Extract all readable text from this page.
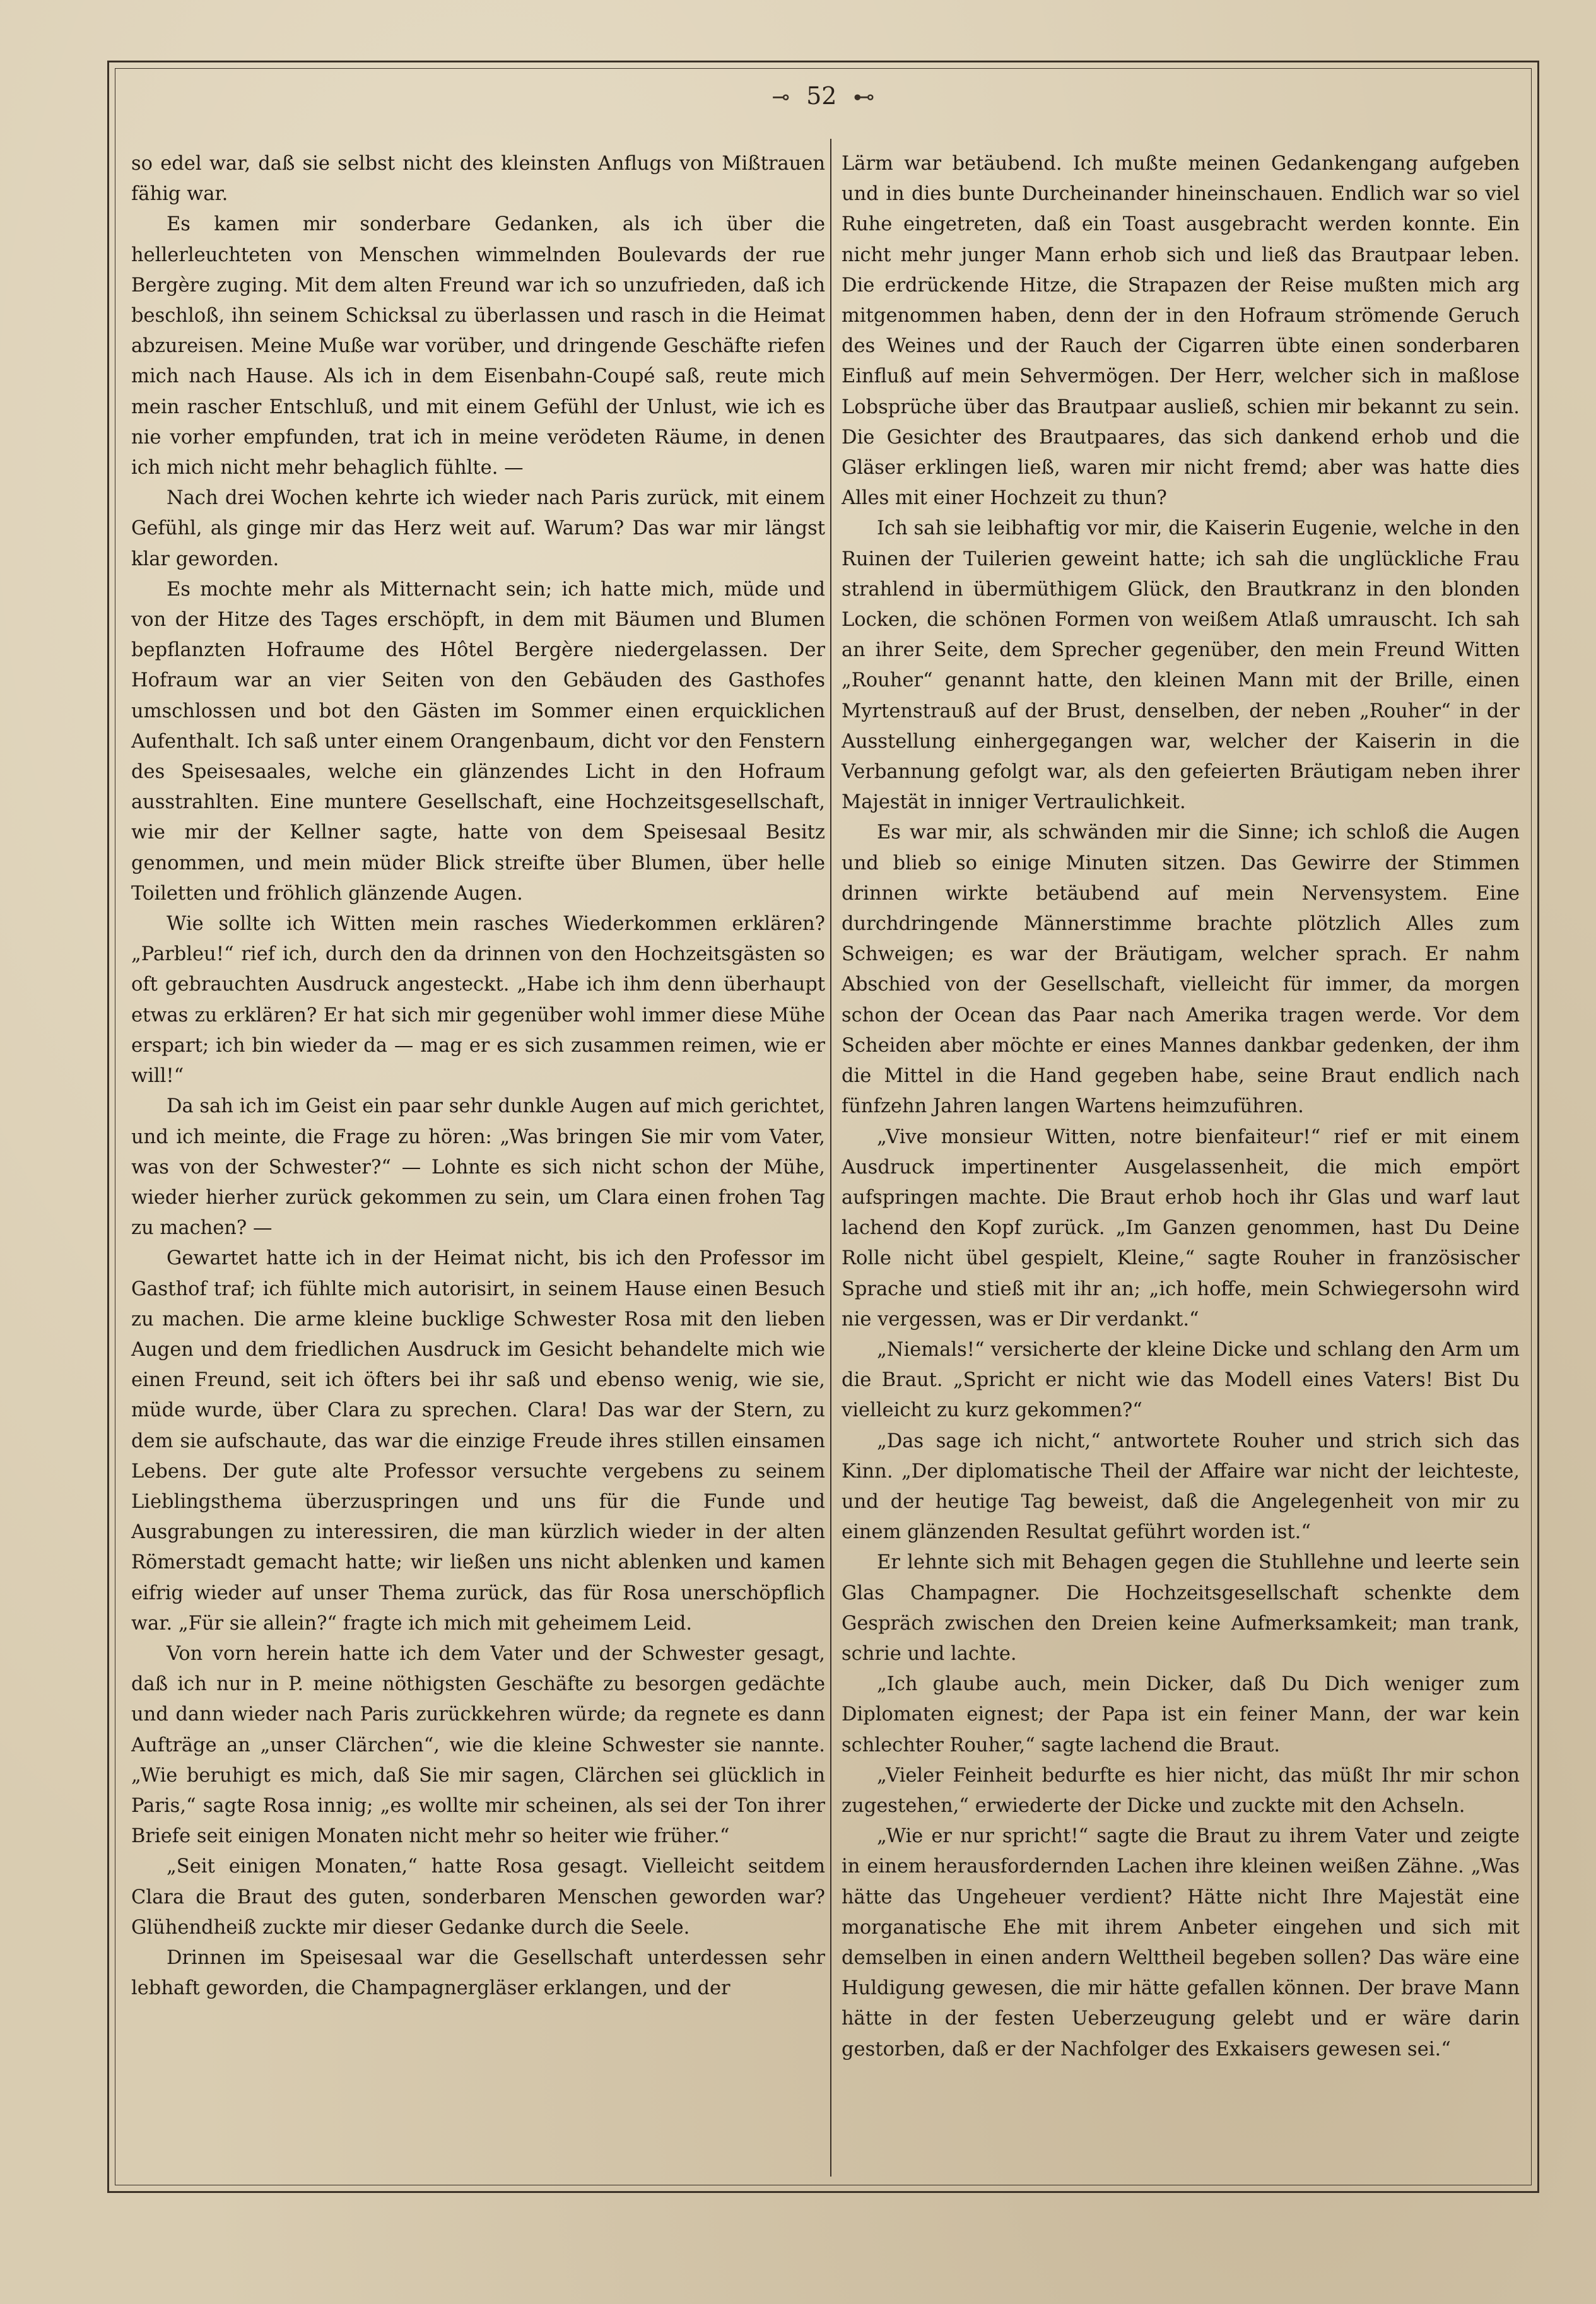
⊸ 52 ⊷

so edel war, daß sie selbst nicht des kleinsten Anflugs von Mißtrauen fähig war.

Es kamen mir sonderbare Gedanken, als ich über die hellerleuchteten von Menschen wimmelnden Boulevards der rue Bergère zuging. Mit dem alten Freund war ich so unzufrieden, daß ich beschloß, ihn seinem Schicksal zu überlassen und rasch in die Heimat abzureisen. Meine Muße war vorüber, und dringende Geschäfte riefen mich nach Hause. Als ich in dem Eisenbahn-Coupé saß, reute mich mein rascher Entschluß, und mit einem Gefühl der Unlust, wie ich es nie vorher empfunden, trat ich in meine verödeten Räume, in denen ich mich nicht mehr behaglich fühlte. —

Nach drei Wochen kehrte ich wieder nach Paris zurück, mit einem Gefühl, als ginge mir das Herz weit auf. Warum? Das war mir längst klar geworden.

Es mochte mehr als Mitternacht sein; ich hatte mich, müde und von der Hitze des Tages erschöpft, in dem mit Bäumen und Blumen bepflanzten Hofraume des Hôtel Bergère niedergelassen. Der Hofraum war an vier Seiten von den Gebäuden des Gasthofes umschlossen und bot den Gästen im Sommer einen erquicklichen Aufenthalt. Ich saß unter einem Orangenbaum, dicht vor den Fenstern des Speisesaales, welche ein glänzendes Licht in den Hofraum ausstrahlten. Eine muntere Gesellschaft, eine Hochzeitsgesellschaft, wie mir der Kellner sagte, hatte von dem Speisesaal Besitz genommen, und mein müder Blick streifte über Blumen, über helle Toiletten und fröhlich glänzende Augen.

Wie sollte ich Witten mein rasches Wiederkommen erklären? „Parbleu!“ rief ich, durch den da drinnen von den Hochzeitsgästen so oft gebrauchten Ausdruck angesteckt. „Habe ich ihm denn überhaupt etwas zu erklären? Er hat sich mir gegenüber wohl immer diese Mühe erspart; ich bin wieder da — mag er es sich zusammen reimen, wie er will!“

Da sah ich im Geist ein paar sehr dunkle Augen auf mich gerichtet, und ich meinte, die Frage zu hören: „Was bringen Sie mir vom Vater, was von der Schwester?“ — Lohnte es sich nicht schon der Mühe, wieder hierher zurück gekommen zu sein, um Clara einen frohen Tag zu machen? —

Gewartet hatte ich in der Heimat nicht, bis ich den Professor im Gasthof traf; ich fühlte mich autorisirt, in seinem Hause einen Besuch zu machen. Die arme kleine bucklige Schwester Rosa mit den lieben Augen und dem friedlichen Ausdruck im Gesicht behandelte mich wie einen Freund, seit ich öfters bei ihr saß und ebenso wenig, wie sie, müde wurde, über Clara zu sprechen. Clara! Das war der Stern, zu dem sie aufschaute, das war die einzige Freude ihres stillen einsamen Lebens. Der gute alte Professor versuchte vergebens zu seinem Lieblingsthema überzuspringen und uns für die Funde und Ausgrabungen zu interessiren, die man kürzlich wieder in der alten Römerstadt gemacht hatte; wir ließen uns nicht ablenken und kamen eifrig wieder auf unser Thema zurück, das für Rosa unerschöpflich war. „Für sie allein?“ fragte ich mich mit geheimem Leid.

Von vorn herein hatte ich dem Vater und der Schwester gesagt, daß ich nur in P. meine nöthigsten Geschäfte zu besorgen gedächte und dann wieder nach Paris zurückkehren würde; da regnete es dann Aufträge an „unser Clärchen“, wie die kleine Schwester sie nannte. „Wie beruhigt es mich, daß Sie mir sagen, Clärchen sei glücklich in Paris,“ sagte Rosa innig; „es wollte mir scheinen, als sei der Ton ihrer Briefe seit einigen Monaten nicht mehr so heiter wie früher.“

„Seit einigen Monaten,“ hatte Rosa gesagt. Vielleicht seitdem Clara die Braut des guten, sonderbaren Menschen geworden war? Glühendheiß zuckte mir dieser Gedanke durch die Seele.

Drinnen im Speisesaal war die Gesellschaft unterdessen sehr lebhaft geworden, die Champagnergläser erklangen, und der

Lärm war betäubend. Ich mußte meinen Gedankengang aufgeben und in dies bunte Durcheinander hineinschauen. Endlich war so viel Ruhe eingetreten, daß ein Toast ausgebracht werden konnte. Ein nicht mehr junger Mann erhob sich und ließ das Brautpaar leben. Die erdrückende Hitze, die Strapazen der Reise mußten mich arg mitgenommen haben, denn der in den Hofraum strömende Geruch des Weines und der Rauch der Cigarren übte einen sonderbaren Einfluß auf mein Sehvermögen. Der Herr, welcher sich in maßlose Lobsprüche über das Brautpaar ausließ, schien mir bekannt zu sein. Die Gesichter des Brautpaares, das sich dankend erhob und die Gläser erklingen ließ, waren mir nicht fremd; aber was hatte dies Alles mit einer Hochzeit zu thun?

Ich sah sie leibhaftig vor mir, die Kaiserin Eugenie, welche in den Ruinen der Tuilerien geweint hatte; ich sah die unglückliche Frau strahlend in übermüthigem Glück, den Brautkranz in den blonden Locken, die schönen Formen von weißem Atlaß umrauscht. Ich sah an ihrer Seite, dem Sprecher gegenüber, den mein Freund Witten „Rouher“ genannt hatte, den kleinen Mann mit der Brille, einen Myrtenstrauß auf der Brust, denselben, der neben „Rouher“ in der Ausstellung einhergegangen war, welcher der Kaiserin in die Verbannung gefolgt war, als den gefeierten Bräutigam neben ihrer Majestät in inniger Vertraulichkeit.

Es war mir, als schwänden mir die Sinne; ich schloß die Augen und blieb so einige Minuten sitzen. Das Gewirre der Stimmen drinnen wirkte betäubend auf mein Nervensystem. Eine durchdringende Männerstimme brachte plötzlich Alles zum Schweigen; es war der Bräutigam, welcher sprach. Er nahm Abschied von der Gesellschaft, vielleicht für immer, da morgen schon der Ocean das Paar nach Amerika tragen werde. Vor dem Scheiden aber möchte er eines Mannes dankbar gedenken, der ihm die Mittel in die Hand gegeben habe, seine Braut endlich nach fünfzehn Jahren langen Wartens heimzuführen.

„Vive monsieur Witten, notre bienfaiteur!“ rief er mit einem Ausdruck impertinenter Ausgelassenheit, die mich empört aufspringen machte. Die Braut erhob hoch ihr Glas und warf laut lachend den Kopf zurück. „Im Ganzen genommen, hast Du Deine Rolle nicht übel gespielt, Kleine,“ sagte Rouher in französischer Sprache und stieß mit ihr an; „ich hoffe, mein Schwiegersohn wird nie vergessen, was er Dir verdankt.“

„Niemals!“ versicherte der kleine Dicke und schlang den Arm um die Braut. „Spricht er nicht wie das Modell eines Vaters! Bist Du vielleicht zu kurz gekommen?“

„Das sage ich nicht,“ antwortete Rouher und strich sich das Kinn. „Der diplomatische Theil der Affaire war nicht der leichteste, und der heutige Tag beweist, daß die Angelegenheit von mir zu einem glänzenden Resultat geführt worden ist.“

Er lehnte sich mit Behagen gegen die Stuhllehne und leerte sein Glas Champagner. Die Hochzeitsgesellschaft schenkte dem Gespräch zwischen den Dreien keine Aufmerksamkeit; man trank, schrie und lachte.

„Ich glaube auch, mein Dicker, daß Du Dich weniger zum Diplomaten eignest; der Papa ist ein feiner Mann, der war kein schlechter Rouher,“ sagte lachend die Braut.

„Vieler Feinheit bedurfte es hier nicht, das müßt Ihr mir schon zugestehen,“ erwiederte der Dicke und zuckte mit den Achseln.

„Wie er nur spricht!“ sagte die Braut zu ihrem Vater und zeigte in einem herausfordernden Lachen ihre kleinen weißen Zähne. „Was hätte das Ungeheuer verdient? Hätte nicht Ihre Majestät eine morganatische Ehe mit ihrem Anbeter eingehen und sich mit demselben in einen andern Welttheil begeben sollen? Das wäre eine Huldigung gewesen, die mir hätte gefallen können. Der brave Mann hätte in der festen Ueberzeugung gelebt und er wäre darin gestorben, daß er der Nachfolger des Exkaisers gewesen sei.“
